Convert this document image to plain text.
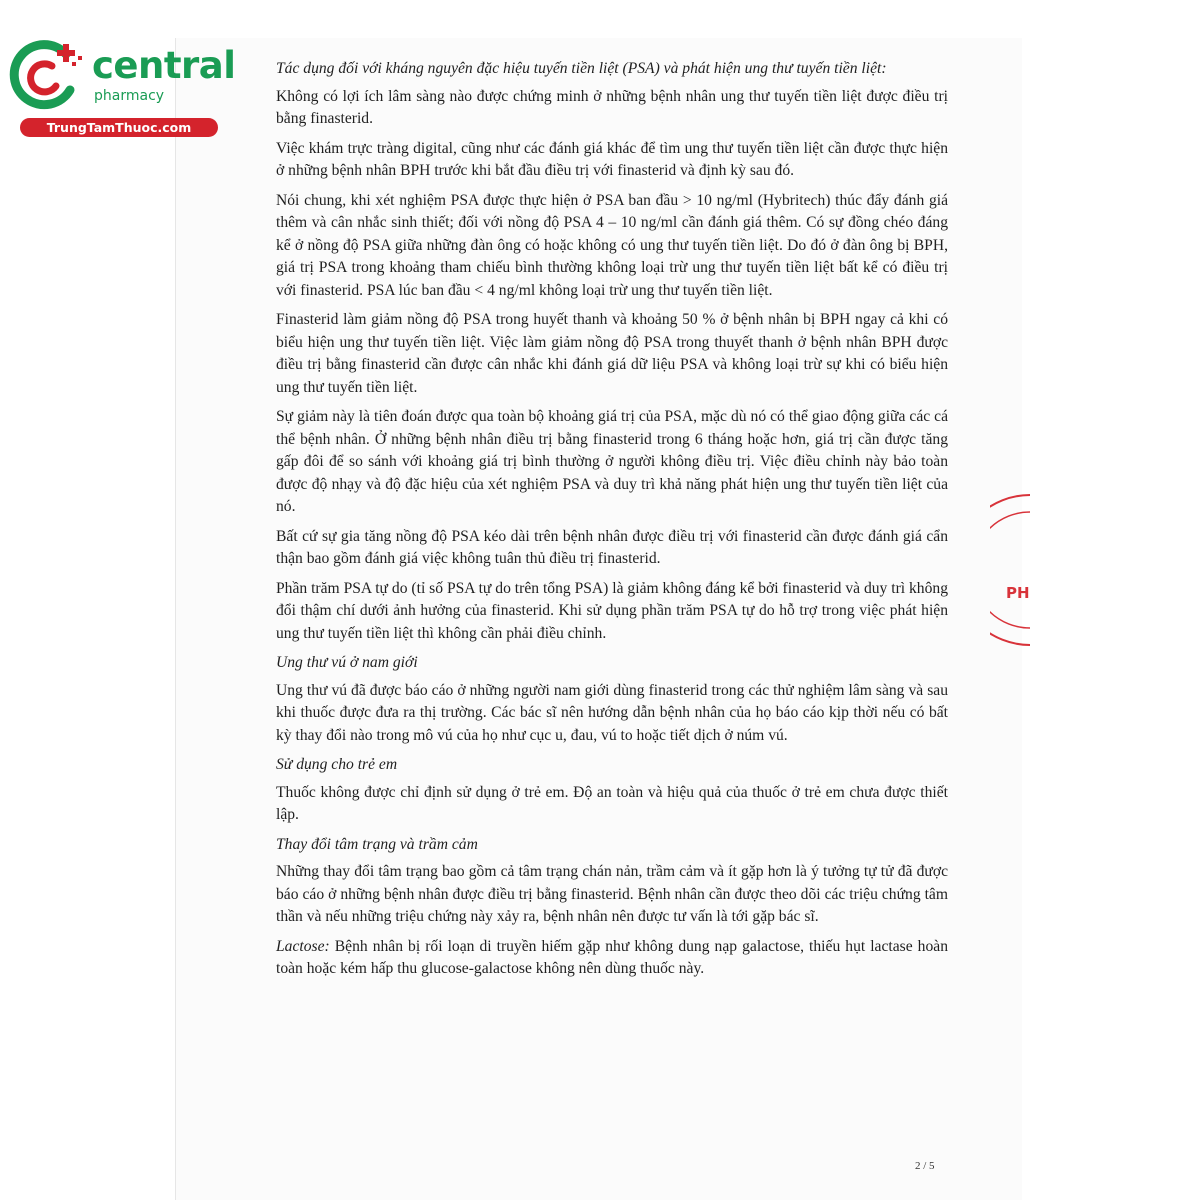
central
pharmacy
TrungTamThuoc.com

Tác dụng đối với kháng nguyên đặc hiệu tuyến tiền liệt (PSA) và phát hiện ung thư tuyến tiền liệt:

Không có lợi ích lâm sàng nào được chứng minh ở những bệnh nhân ung thư tuyến tiền liệt được điều trị bằng finasterid.

Việc khám trực tràng digital, cũng như các đánh giá khác để tìm ung thư tuyến tiền liệt cần được thực hiện ở những bệnh nhân BPH trước khi bắt đầu điều trị với finasterid và định kỳ sau đó.

Nói chung, khi xét nghiệm PSA được thực hiện ở PSA ban đầu > 10 ng/ml (Hybritech) thúc đẩy đánh giá thêm và cân nhắc sinh thiết; đối với nồng độ PSA 4 – 10 ng/ml cần đánh giá thêm. Có sự đồng chéo đáng kể ở nồng độ PSA giữa những đàn ông có hoặc không có ung thư tuyến tiền liệt. Do đó ở đàn ông bị BPH, giá trị PSA trong khoảng tham chiếu bình thường không loại trừ ung thư tuyến tiền liệt bất kể có điều trị với finasterid. PSA lúc ban đầu < 4 ng/ml không loại trừ ung thư tuyến tiền liệt.

Finasterid làm giảm nồng độ PSA trong huyết thanh và khoảng 50 % ở bệnh nhân bị BPH ngay cả khi có biểu hiện ung thư tuyến tiền liệt. Việc làm giảm nồng độ PSA trong thuyết thanh ở bệnh nhân BPH được điều trị bằng finasterid cần được cân nhắc khi đánh giá dữ liệu PSA và không loại trừ sự khi có biểu hiện ung thư tuyến tiền liệt.

Sự giảm này là tiên đoán được qua toàn bộ khoảng giá trị của PSA, mặc dù nó có thể giao động giữa các cá thể bệnh nhân. Ở những bệnh nhân điều trị bằng finasterid trong 6 tháng hoặc hơn, giá trị cần được tăng gấp đôi để so sánh với khoảng giá trị bình thường ở người không điều trị. Việc điều chỉnh này bảo toàn được độ nhạy và độ đặc hiệu của xét nghiệm PSA và duy trì khả năng phát hiện ung thư tuyến tiền liệt của nó.

Bất cứ sự gia tăng nồng độ PSA kéo dài trên bệnh nhân được điều trị với finasterid cần được đánh giá cẩn thận bao gồm đánh giá việc không tuân thủ điều trị finasterid.

Phần trăm PSA tự do (tỉ số PSA tự do trên tổng PSA) là giảm không đáng kể bởi finasterid và duy trì không đổi thậm chí dưới ảnh hưởng của finasterid. Khi sử dụng phần trăm PSA tự do hỗ trợ trong việc phát hiện ung thư tuyến tiền liệt thì không cần phải điều chỉnh.

Ung thư vú ở nam giới

Ung thư vú đã được báo cáo ở những người nam giới dùng finasterid trong các thử nghiệm lâm sàng và sau khi thuốc được đưa ra thị trường. Các bác sĩ nên hướng dẫn bệnh nhân của họ báo cáo kịp thời nếu có bất kỳ thay đổi nào trong mô vú của họ như cục u, đau, vú to hoặc tiết dịch ở núm vú.

Sử dụng cho trẻ em

Thuốc không được chỉ định sử dụng ở trẻ em. Độ an toàn và hiệu quả của thuốc ở trẻ em chưa được thiết lập.

Thay đổi tâm trạng và trầm cảm

Những thay đổi tâm trạng bao gồm cả tâm trạng chán nản, trầm cảm và ít gặp hơn là ý tưởng tự tử đã được báo cáo ở những bệnh nhân được điều trị bằng finasterid. Bệnh nhân cần được theo dõi các triệu chứng tâm thần và nếu những triệu chứng này xảy ra, bệnh nhân nên được tư vấn là tới gặp bác sĩ.

Lactose: Bệnh nhân bị rối loạn di truyền hiếm gặp như không dung nạp galactose, thiếu hụt lactase hoàn toàn hoặc kém hấp thu glucose-galactose không nên dùng thuốc này.

2 / 5
PH
